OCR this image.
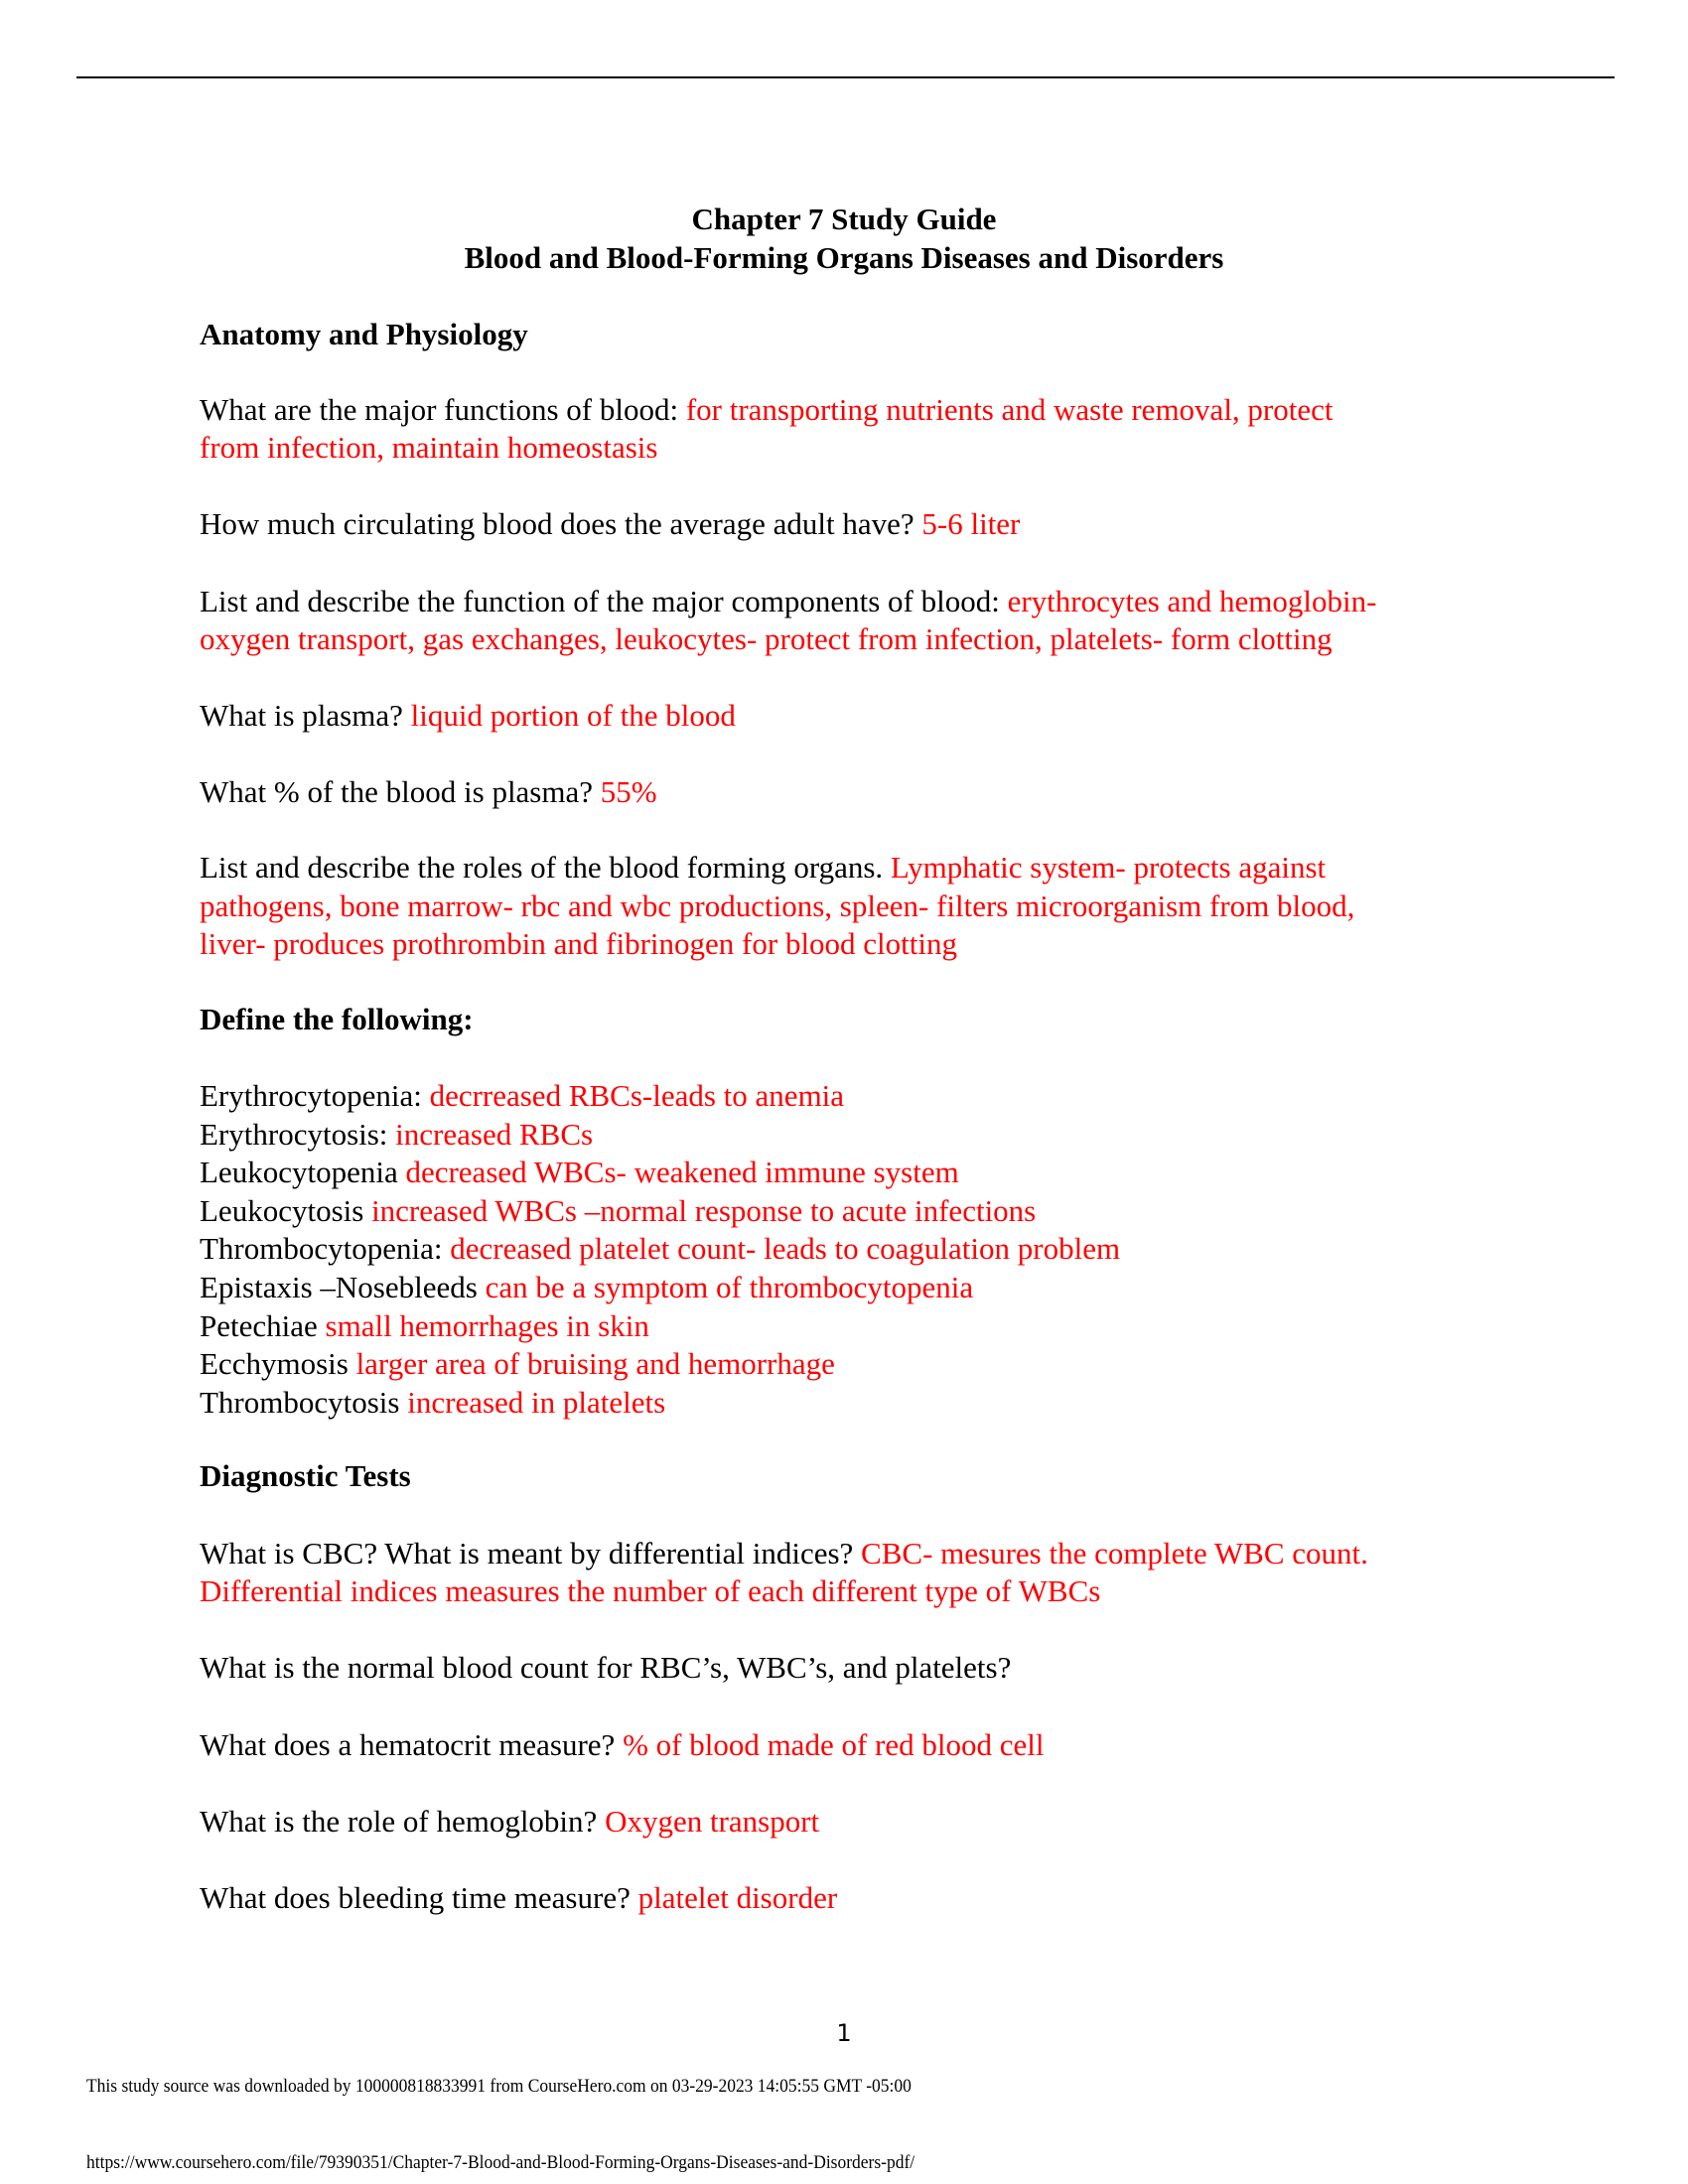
Chapter 7 Study Guide
Blood and Blood-Forming Organs Diseases and Disorders
Anatomy and Physiology
What are the major functions of blood: for transporting nutrients and waste removal, protect
from infection, maintain homeostasis
How much circulating blood does the average adult have? 5-6 liter
List and describe the function of the major components of blood: erythrocytes and hemoglobin-
oxygen transport, gas exchanges, leukocytes- protect from infection, platelets- form clotting
What is plasma? liquid portion of the blood
What % of the blood is plasma? 55%
List and describe the roles of the blood forming organs. Lymphatic system- protects against
pathogens, bone marrow- rbc and wbc productions, spleen- filters microorganism from blood,
liver- produces prothrombin and fibrinogen for blood clotting
Define the following:
Erythrocytopenia: decrreased RBCs-leads to anemia
Erythrocytosis: increased RBCs
Leukocytopenia decreased WBCs- weakened immune system
Leukocytosis increased WBCs –normal response to acute infections
Thrombocytopenia: decreased platelet count- leads to coagulation problem
Epistaxis –Nosebleeds can be a symptom of thrombocytopenia
Petechiae small hemorrhages in skin
Ecchymosis larger area of bruising and hemorrhage
Thrombocytosis increased in platelets
Diagnostic Tests
What is CBC? What is meant by differential indices? CBC- mesures the complete WBC count.
Differential indices measures the number of each different type of WBCs
What is the normal blood count for RBC’s, WBC’s, and platelets?
What does a hematocrit measure? % of blood made of red blood cell
What is the role of hemoglobin? Oxygen transport
What does bleeding time measure? platelet disorder
1
This study source was downloaded by 100000818833991 from CourseHero.com on 03-29-2023 14:05:55 GMT -05:00
https://www.coursehero.com/file/79390351/Chapter-7-Blood-and-Blood-Forming-Organs-Diseases-and-Disorders-pdf/
